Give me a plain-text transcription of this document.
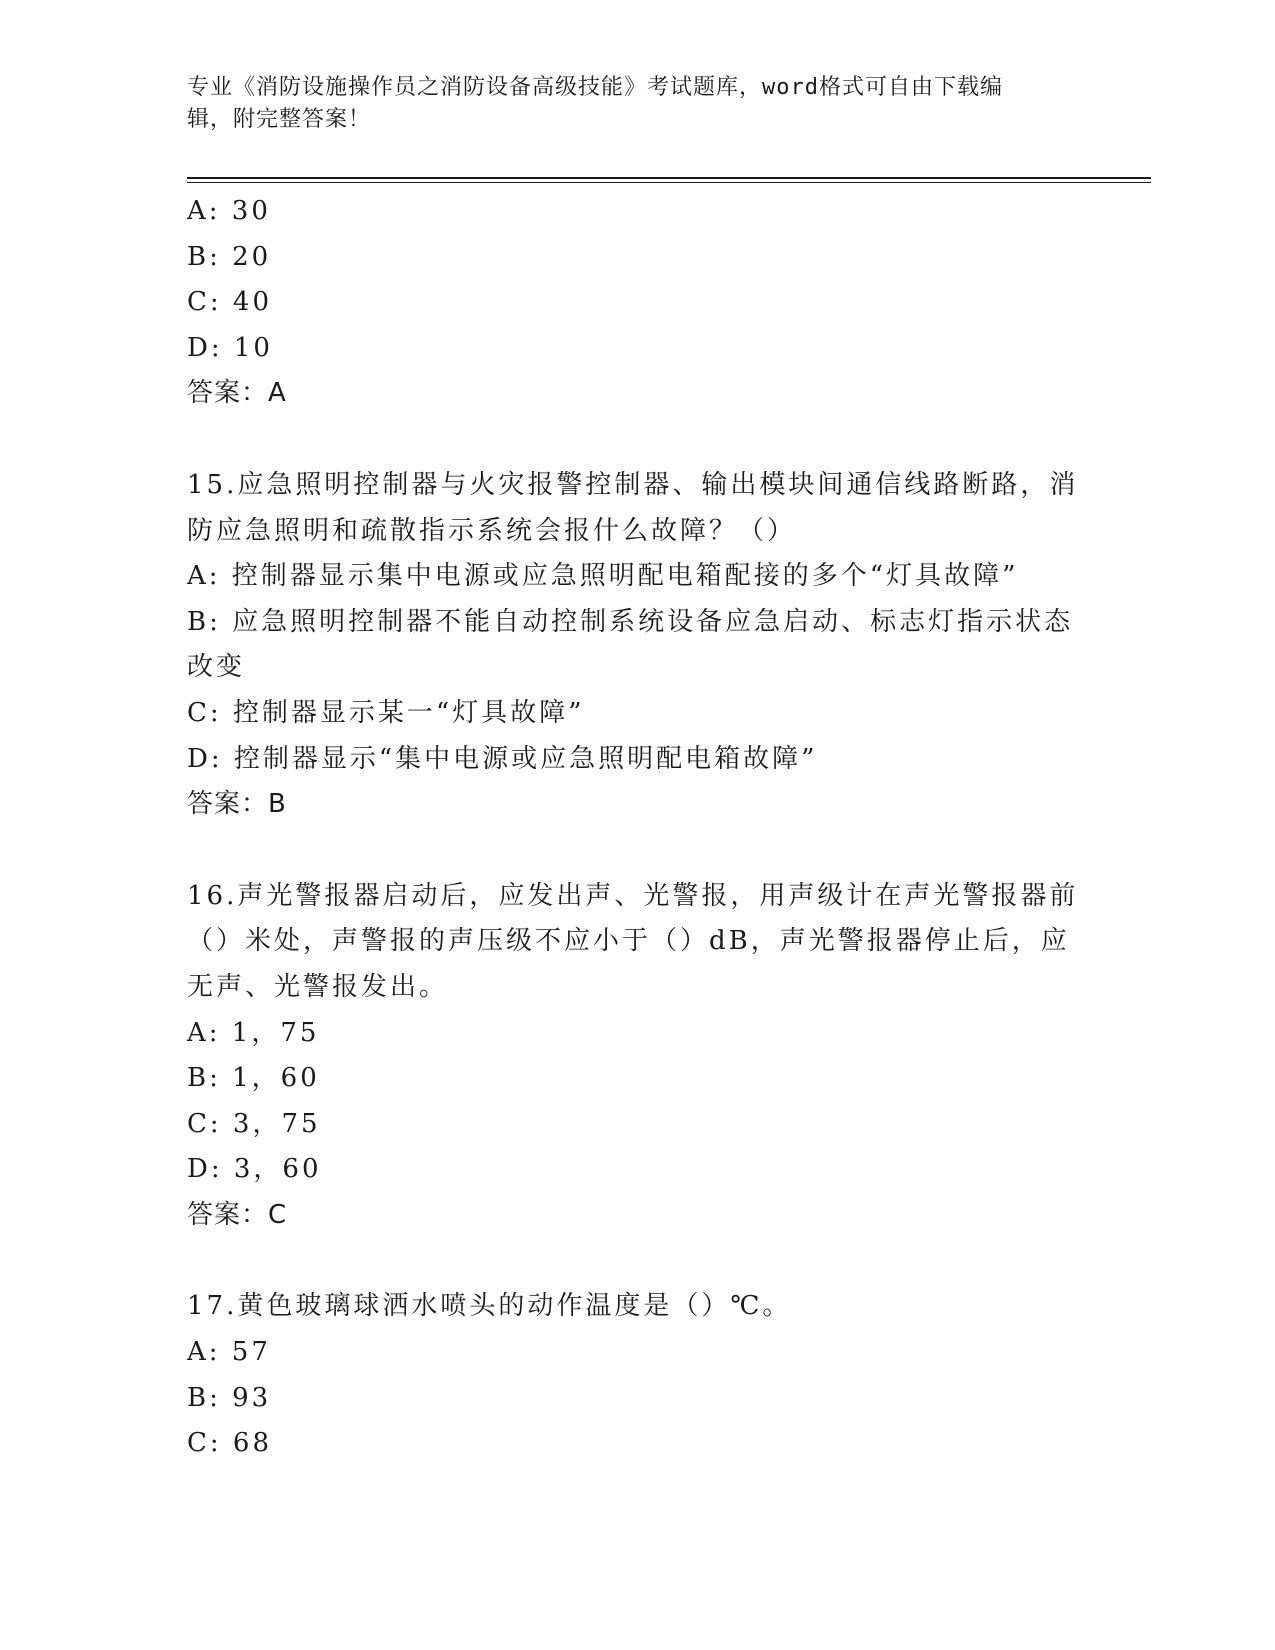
专业《消防设施操作员之消防设备高级技能》考试题库，word格式可自由下载编
辑，附完整答案！
A: 30
B: 20
C: 40
D: 10
答案：A
15.应急照明控制器与火灾报警控制器、输出模块间通信线路断路，消
防应急照明和疏散指示系统会报什么故障？（）
A: 控制器显示集中电源或应急照明配电箱配接的多个“灯具故障”
B: 应急照明控制器不能自动控制系统设备应急启动、标志灯指示状态
改变
C: 控制器显示某一“灯具故障”
D: 控制器显示“集中电源或应急照明配电箱故障”
答案：B
16.声光警报器启动后，应发出声、光警报，用声级计在声光警报器前
（）米处，声警报的声压级不应小于（）dB，声光警报器停止后，应
无声、光警报发出。
A: 1，75
B: 1，60
C: 3，75
D: 3，60
答案：C
17.黄色玻璃球洒水喷头的动作温度是（）℃。
A: 57
B: 93
C: 68
